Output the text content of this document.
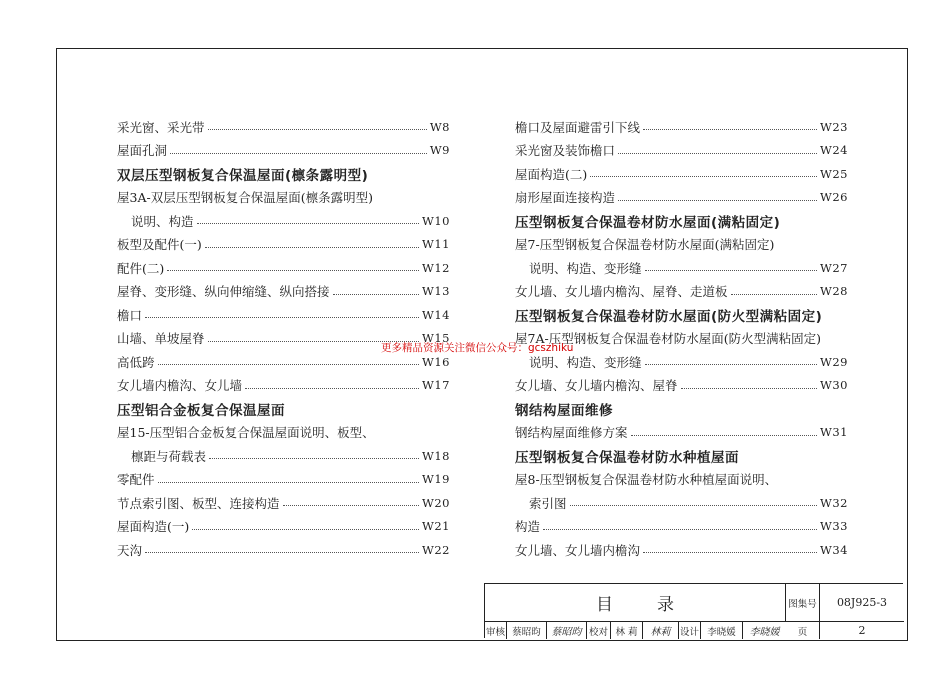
采光窗、采光带	W8
屋面孔洞	W9
双层压型钢板复合保温屋面(檩条露明型)
屋3A-双层压型钢板复合保温屋面(檩条露明型)
说明、构造	W10
板型及配件(一)	W11
配件(二)	W12
屋脊、变形缝、纵向伸缩缝、纵向搭接	W13
檐口	W14
山墙、单坡屋脊	W15
高低跨	W16
女儿墙内檐沟、女儿墙	W17
压型铝合金板复合保温屋面
屋15-压型铝合金板复合保温屋面说明、板型、
檩距与荷载表	W18
零配件	W19
节点索引图、板型、连接构造	W20
屋面构造(一)	W21
天沟	W22
檐口及屋面避雷引下线	W23
采光窗及装饰檐口	W24
屋面构造(二)	W25
扇形屋面连接构造	W26
压型钢板复合保温卷材防水屋面(满粘固定)
屋7-压型钢板复合保温卷材防水屋面(满粘固定)
说明、构造、变形缝	W27
女儿墙、女儿墙内檐沟、屋脊、走道板	W28
压型钢板复合保温卷材防水屋面(防火型满粘固定)
屋7A-压型钢板复合保温卷材防水屋面(防火型满粘固定)
说明、构造、变形缝	W29
女儿墙、女儿墙内檐沟、屋脊	W30
钢结构屋面维修
钢结构屋面维修方案	W31
压型钢板复合保温卷材防水种植屋面
屋8-压型钢板复合保温卷材防水种植屋面说明、
索引图	W32
构造	W33
女儿墙、女儿墙内檐沟	W34
更多精品资源关注微信公众号：gcszhiku
目	录	图集号	08J925-3
审核 蔡昭昀	蔡昭昀 校对 林 莉	林莉 设计 李晓媛	李晓媛	页	2
